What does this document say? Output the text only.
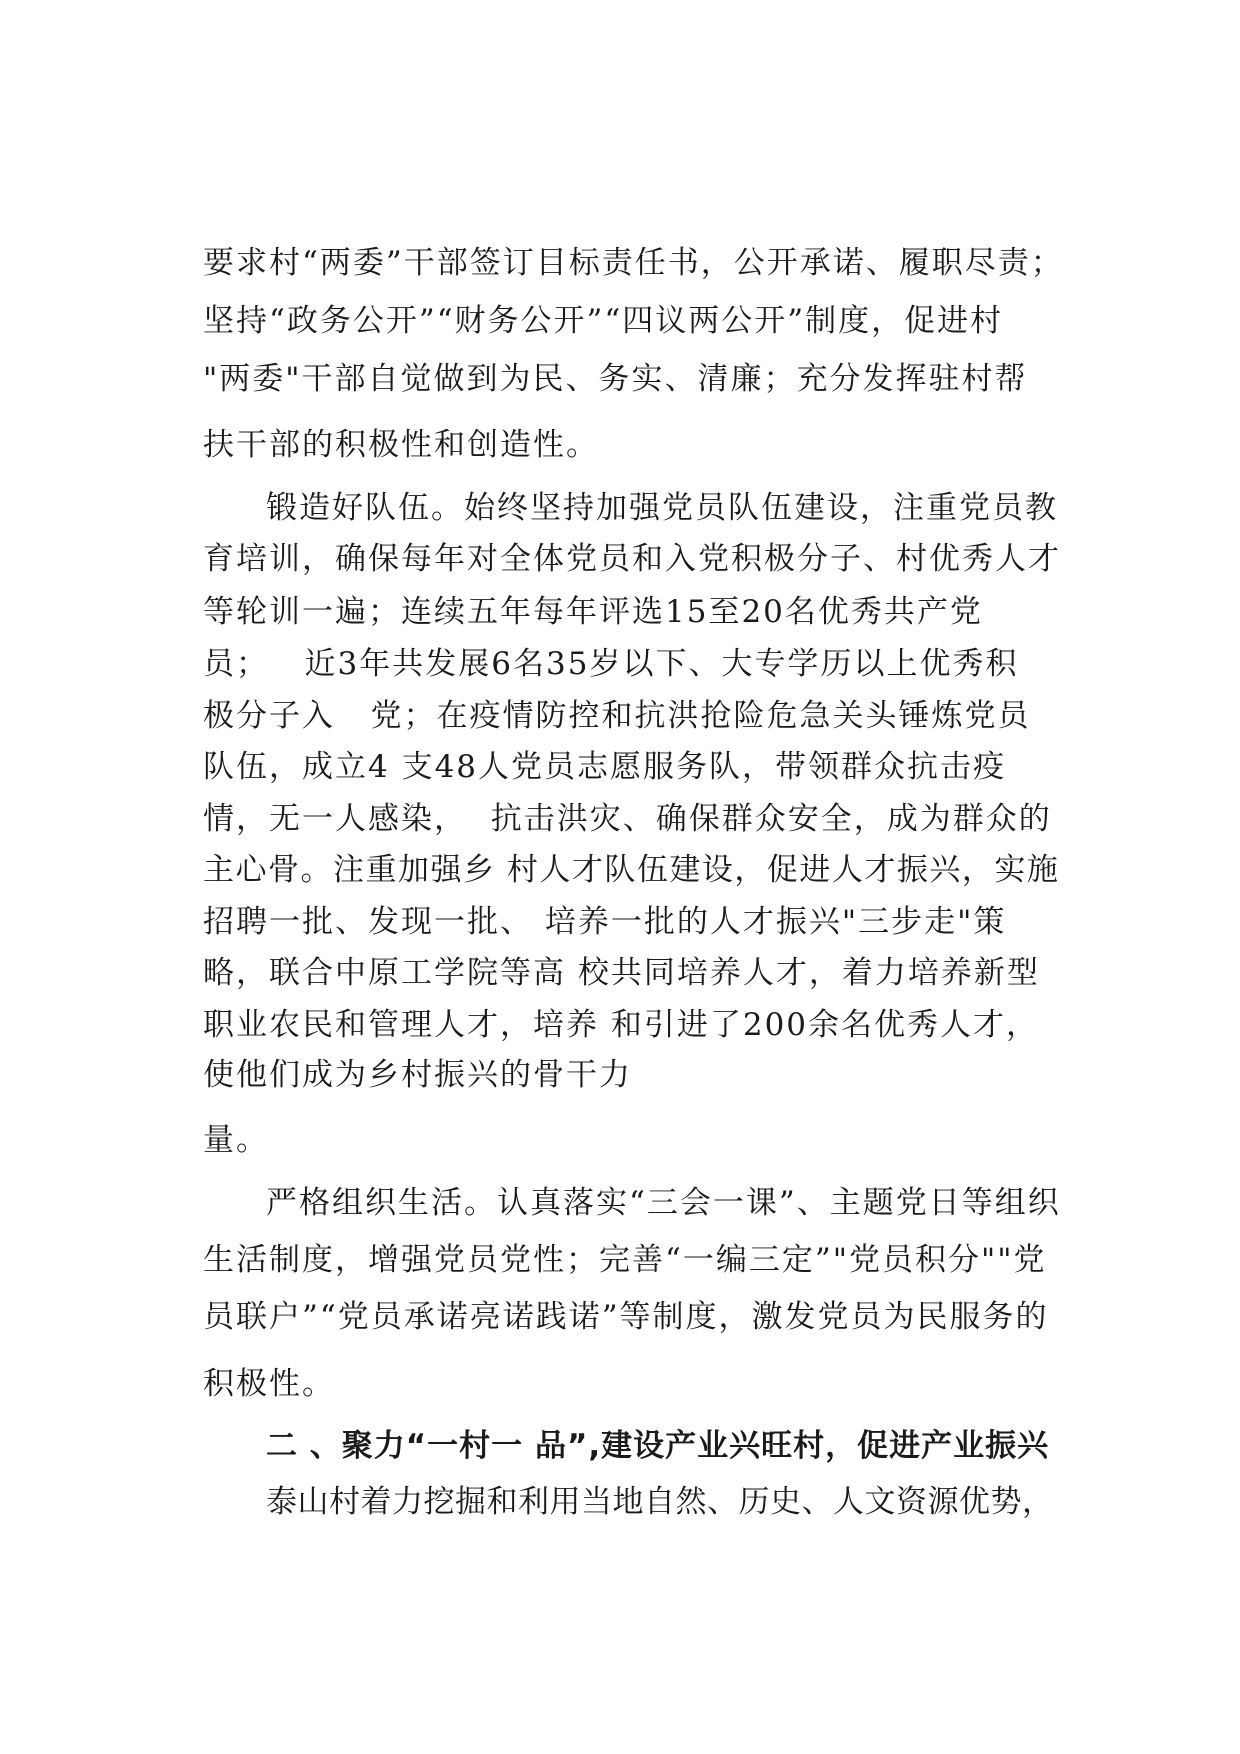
要求村“两委”干部签订目标责任书，公开承诺、履职尽责；
坚持“政务公开”“财务公开”“四议两公开”制度，促进村
"两委"干部自觉做到为民、务实、清廉；充分发挥驻村帮
扶干部的积极性和创造性。
锻造好队伍。始终坚持加强党员队伍建设，注重党员教
育培训，确保每年对全体党员和入党积极分子、村优秀人才
等轮训一遍；连续五年每年评选15至20名优秀共产党
员；   近3年共发展6名35岁以下、大专学历以上优秀积
极分子入   党；在疫情防控和抗洪抢险危急关头锤炼党员
队伍，成立4 支48人党员志愿服务队，带领群众抗击疫
情，无一人感染，  抗击洪灾、确保群众安全，成为群众的
主心骨。注重加强乡 村人才队伍建设，促进人才振兴，实施
招聘一批、发现一批、 培养一批的人才振兴"三步走"策
略，联合中原工学院等高 校共同培养人才，着力培养新型
职业农民和管理人才，培养 和引进了200余名优秀人才，
使他们成为乡村振兴的骨干力
量。
严格组织生活。认真落实“三会一课”、主题党日等组织
生活制度，增强党员党性；完善“一编三定”"党员积分""党
员联户”“党员承诺亮诺践诺”等制度，激发党员为民服务的
积极性。
二 、聚力“一村一 品”,建设产业兴旺村，促进产业振兴
泰山村着力挖掘和利用当地自然、历史、人文资源优势，
